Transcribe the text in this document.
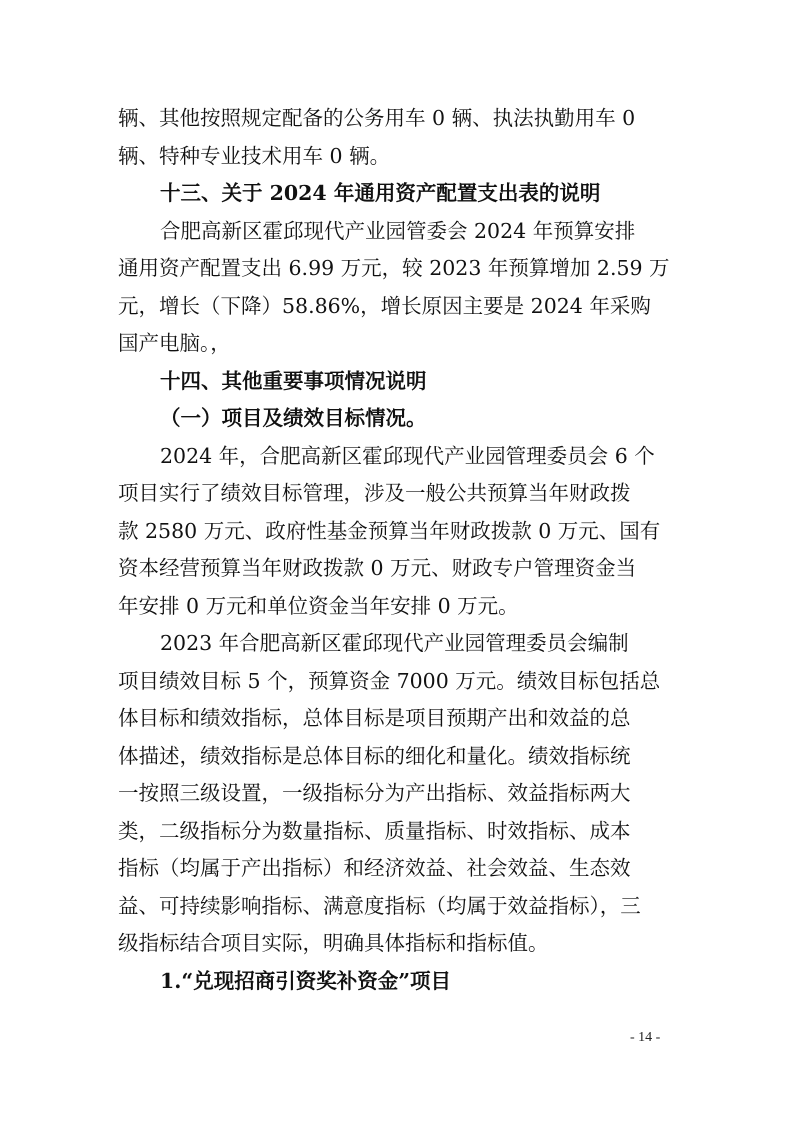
辆、其他按照规定配备的公务用车 0 辆、执法执勤用车 0
辆、特种专业技术用车 0 辆。
十三、关于 2024 年通用资产配置支出表的说明
合肥高新区霍邱现代产业园管委会 2024 年预算安排
通用资产配置支出 6.99 万元，较 2023 年预算增加 2.59 万
元，增长（下降）58.86%，增长原因主要是 2024 年采购
国产电脑。，
十四、其他重要事项情况说明
（一）项目及绩效目标情况。
2024 年，合肥高新区霍邱现代产业园管理委员会 6 个
项目实行了绩效目标管理，涉及一般公共预算当年财政拨
款 2580 万元、政府性基金预算当年财政拨款 0 万元、国有
资本经营预算当年财政拨款 0 万元、财政专户管理资金当
年安排 0 万元和单位资金当年安排 0 万元。
2023 年合肥高新区霍邱现代产业园管理委员会编制
项目绩效目标 5 个，预算资金 7000 万元。绩效目标包括总
体目标和绩效指标，总体目标是项目预期产出和效益的总
体描述，绩效指标是总体目标的细化和量化。绩效指标统
一按照三级设置，一级指标分为产出指标、效益指标两大
类，二级指标分为数量指标、质量指标、时效指标、成本
指标（均属于产出指标）和经济效益、社会效益、生态效
益、可持续影响指标、满意度指标（均属于效益指标），三
级指标结合项目实际，明确具体指标和指标值。
1.“兑现招商引资奖补资金”项目
- 14 -
